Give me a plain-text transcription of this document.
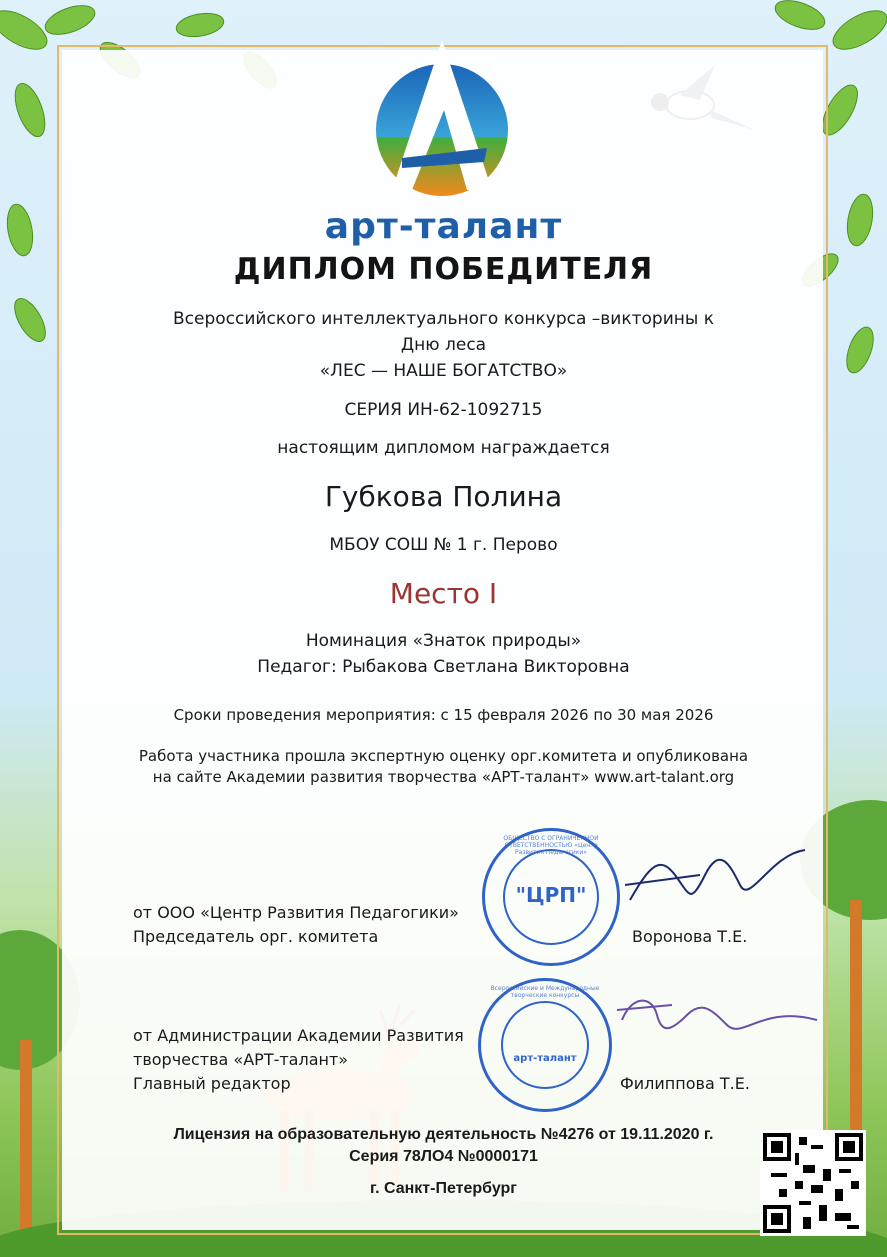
арт-талант
ДИПЛОМ ПОБЕДИТЕЛЯ
Всероссийского интеллектуального конкурса –викторины к
Дню леса
«ЛЕС — НАШЕ БОГАТСТВО»
СЕРИЯ ИН-62-1092715
настоящим дипломом награждается
Губкова Полина
МБОУ СОШ № 1 г. Перово
Место I
Номинация «Знаток природы»
Педагог: Рыбакова Светлана Викторовна
Сроки проведения мероприятия: с 15 февраля 2026 по 30 мая 2026
Работа участника прошла экспертную оценку орг.комитета и опубликована
на сайте Академии развития творчества «АРТ-талант» www.art-talant.org
от ООО «Центр Развития Педагогики»
Председатель орг. комитета	Воронова Т.Е.
"ЦРП"
ОБЩЕСТВО С ОГРАНИЧЕННОЙ ОТВЕТСТВЕННОСТЬЮ «Центр Развития Педагогики»
от Администрации Академии Развития
творчества «АРТ-талант»
Главный редактор	Филиппова Т.Е.
арт-талант
Всероссийские и Международные творческие конкурсы
Лицензия на образовательную деятельность №4276 от 19.11.2020 г.
Серия 78ЛО4 №0000171
г. Санкт-Петербург
